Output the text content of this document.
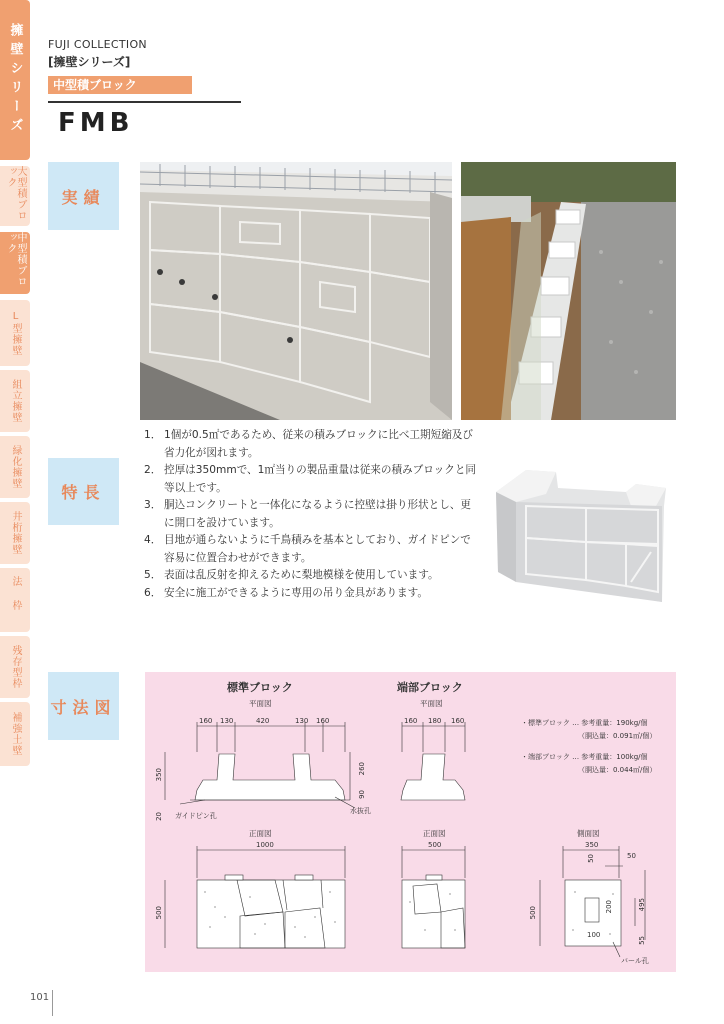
擁壁シリーズ
大型積ブロック
中型積ブロック
L型擁壁
組立擁壁
緑化擁壁
井桁擁壁
法枠
残存型枠
補強土壁
FUJI COLLECTION
[擁壁シリーズ]
中型積ブロック
FMB
実績
特長
1． 1個が0.5㎡であるため、従来の積みブロックに比べ工期短縮及び省力化が図れます。
2． 控厚は350mmで、1㎡当りの製品重量は従来の積みブロックと同等以上です。
3． 胴込コンクリートと一体化になるように控壁は掛り形状とし、更に開口を設けています。
4． 目地が通らないように千鳥積みを基本としており、ガイドピンで容易に位置合わせができます。
5． 表面は乱反射を抑えるために梨地模様を使用しています。
6． 安全に施工ができるように専用の吊り金具があります。
寸法図
標準ブロック	端部ブロック
平面図	平面図
160 130	420	130 160	160 180 160
350	260
90
20 ガイドピン孔
水抜孔
正面図	正面図	側面図
1000	500
500
350
50	50
200	495
500
100
55
バール孔
・標準ブロック … 参考重量：190kg/個
（胴込量：0.091㎥/個）
・端部ブロック … 参考重量：100kg/個
（胴込量：0.044㎥/個）
101
